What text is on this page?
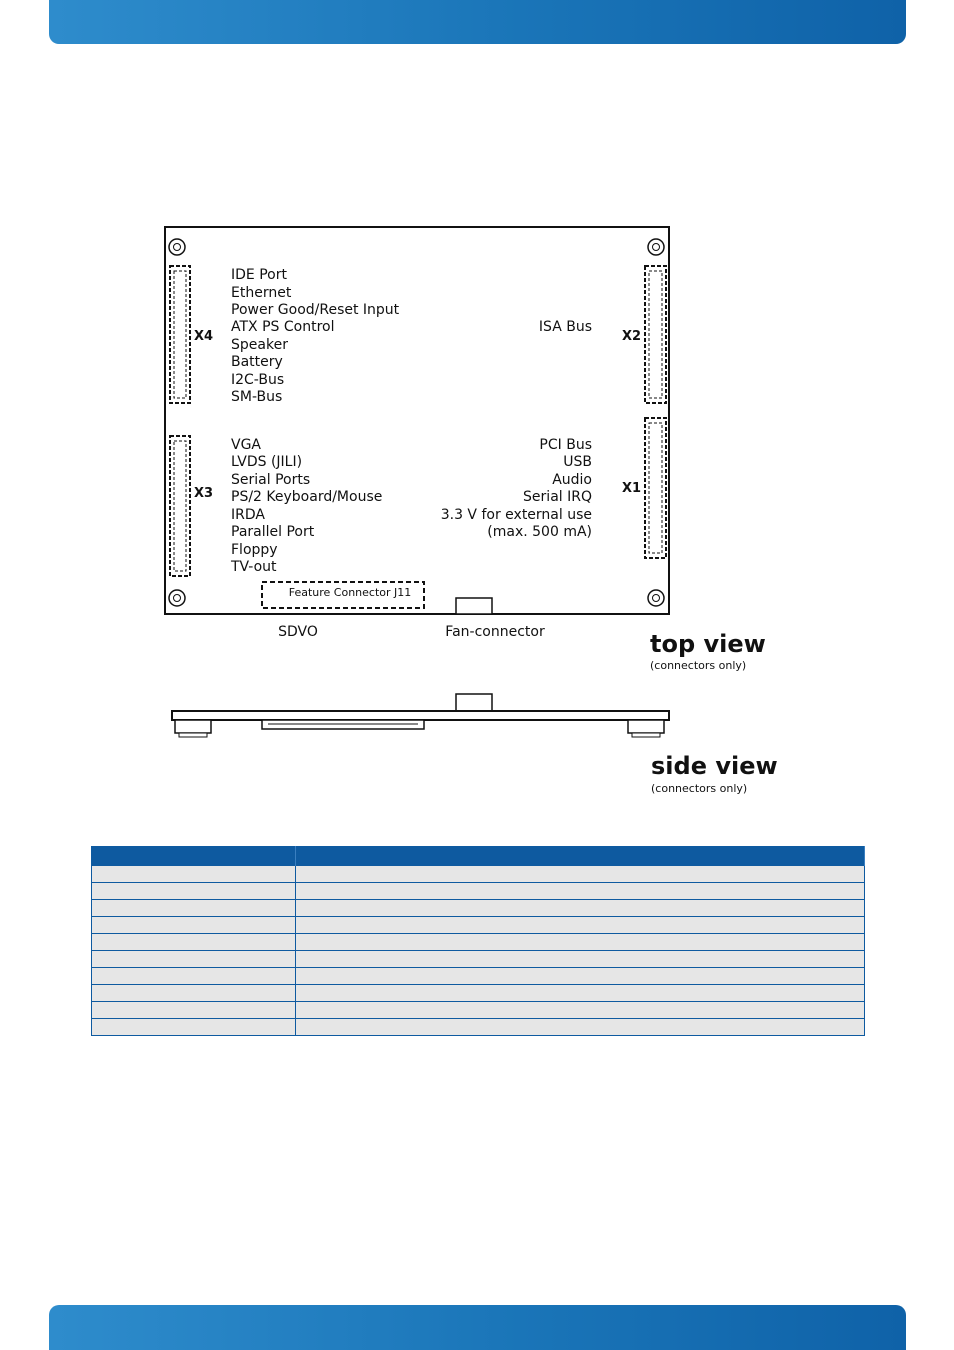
X4
X3
X2
X1
IDE Port
Ethernet
Power Good/Reset Input
ATX PS Control
Speaker
Battery
I2C-Bus
SM-Bus
VGA
LVDS (JILI)
Serial Ports
PS/2 Keyboard/Mouse
IRDA
Parallel Port
Floppy
TV-out
ISA Bus
PCI Bus
USB
Audio
Serial IRQ
3.3 V for external use
(max. 500 mA)
Feature Connector J11
SDVO	Fan-connector	top view
(connectors only)
side view
(connectors only)
